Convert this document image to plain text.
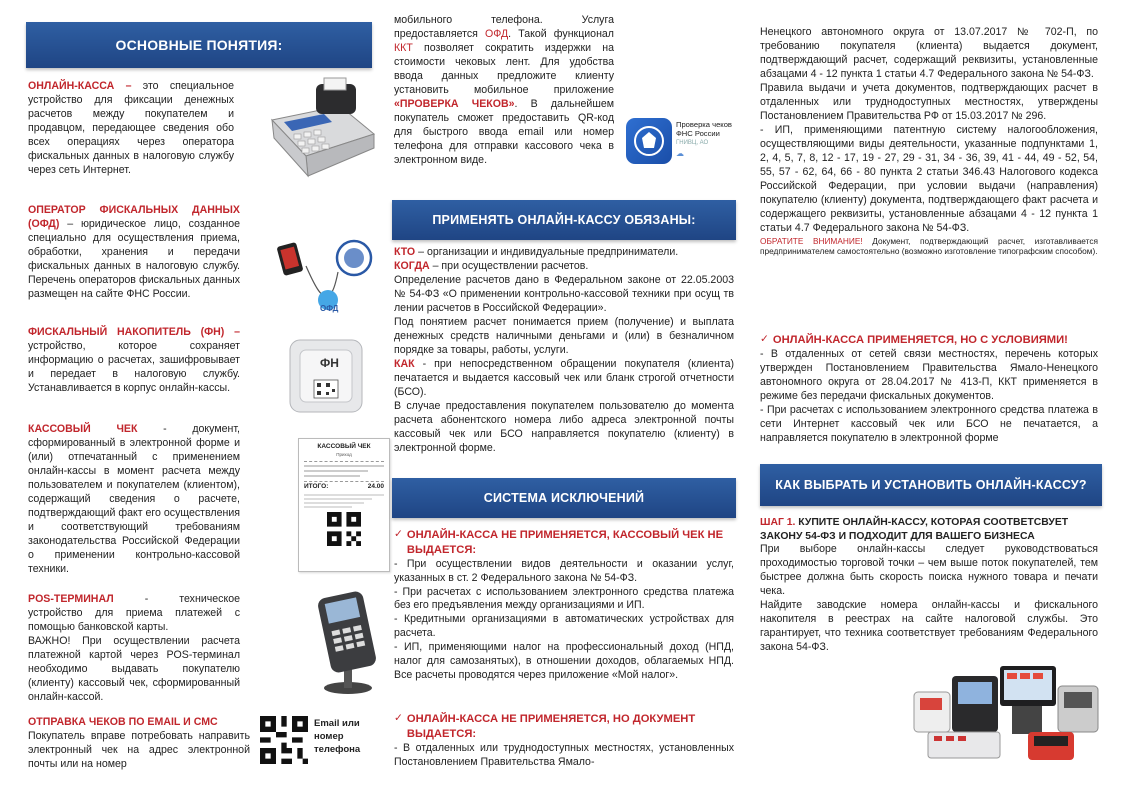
ОСНОВНЫЕ ПОНЯТИЯ:
ОНЛАЙН-КАССА – это специальное устройство для фиксации денежных расчетов между покупателем и продавцом, передающее сведения обо всех операциях через оператора фискальных данных в налоговую службу через сеть Интернет.
ОПЕРАТОР ФИСКАЛЬНЫХ ДАННЫХ (ОФД) – юридическое лицо, созданное специально для осуществления приема, обработки, хранения и передачи фискальных данных в налоговую службу. Перечень операторов фискальных данных размещен на сайте ФНС России.
ОФД
ФИСКАЛЬНЫЙ НАКОПИТЕЛЬ (ФН) – устройство, которое сохраняет информацию о расчетах, зашифровывает и передает в налоговую службу. Устанавливается в корпус онлайн-кассы.
ФН
КАССОВЫЙ ЧЕК - документ, сформированный в электронной форме и (или) отпечатанный с применением онлайн-кассы в момент расчета между пользователем и покупателем (клиентом), содержащий сведения о расчете, подтверждающий факт его осуществления и соответствующий требованиям законодательства Российской Федерации о применении контрольно-кассовой техники.
КАССОВЫЙ ЧЕК
Приход
ИТОГО:	24.00
POS-ТЕРМИНАЛ - техническое устройство для приема платежей с помощью банковской карты.
ВАЖНО! При осуществлении расчета платежной картой через POS-терминал необходимо выдавать покупателю (клиенту) кассовый чек, сформированный онлайн-кассой.
ОТПРАВКА ЧЕКОВ ПО EMAIL И СМС
Покупатель вправе потребовать направить электронный чек на адрес электронной почты или на номер
Email или номер телефона
мобильного телефона. Услуга предоставляется ОФД. Такой функционал ККТ позволяет сократить издержки на стоимости чековых лент. Для удобства ввода данных предложите клиенту установить мобильное приложение «ПРОВЕРКА ЧЕКОВ». В дальнейшем покупатель сможет предоставить QR-код для быстрого ввода email или номер телефона для отправки кассового чека в электронном виде.
Проверка чеков ФНС России
ГНИВЦ, АО
☁
ПРИМЕНЯТЬ ОНЛАЙН-КАССУ ОБЯЗАНЫ:
КТО – организации и индивидуальные предприниматели.
КОГДА – при осуществлении расчетов.
Определение расчетов дано в Федеральном законе от 22.05.2003 № 54-ФЗ «О применении контрольно-кассовой техники при осущ тв лении расчетов в Российской Федерации».
Под понятием расчет понимается прием (получение) и выплата денежных средств наличными деньгами и (или) в безналичном порядке за товары, работы, услуги.
КАК - при непосредственном обращении покупателя (клиента) печатается и выдается кассовый чек или бланк строгой отчетности (БСО).
В случае предоставления покупателем пользователю до момента расчета абонентского номера либо адреса электронной почты кассовый чек или БСО направляется покупателю (клиенту) в электронной форме.
СИСТЕМА ИСКЛЮЧЕНИЙ
✓ ОНЛАЙН-КАССА НЕ ПРИМЕНЯЕТСЯ, КАССОВЫЙ ЧЕК НЕ ВЫДАЕТСЯ:
- При осуществлении видов деятельности и оказании услуг, указанных в ст. 2 Федерального закона № 54-ФЗ.
- При расчетах с использованием электронного средства платежа без его предъявления между организациями и ИП.
- Кредитными организациями в автоматических устройствах для расчета.
- ИП, применяющими налог на профессиональный доход (НПД, налог для самозанятых), в отношении доходов, облагаемых НПД. Все расчеты проводятся через приложение «Мой налог».
✓ ОНЛАЙН-КАССА НЕ ПРИМЕНЯЕТСЯ, НО ДОКУМЕНТ ВЫДАЕТСЯ:
- В отдаленных или труднодоступных местностях, установленных Постановлением Правительства Ямало-
Ненецкого автономного округа от 13.07.2017 № 702-П, по требованию покупателя (клиента) выдается документ, подтверждающий расчет, содержащий реквизиты, установленные абзацами 4 - 12 пункта 1 статьи 4.7 Федерального закона № 54-ФЗ.
Правила выдачи и учета документов, подтверждающих расчет в отдаленных или труднодоступных местностях, утверждены Постановлением Правительства РФ от 15.03.2017 № 296.
- ИП, применяющими патентную систему налогообложения, осуществляющими виды деятельности, указанные подпунктами 1, 2, 4, 5, 7, 8, 12 - 17, 19 - 27, 29 - 31, 34 - 36, 39, 41 - 44, 49 - 52, 54, 55, 57 - 62, 64, 66 - 80 пункта 2 статьи 346.43 Налогового кодекса Российской Федерации, при условии выдачи (направления) покупателю (клиенту) документа, подтверждающего факт расчета и содержащего реквизиты, установленные абзацами 4 - 12 пункта 1 статьи 4.7 Федерального закона № 54-ФЗ.
ОБРАТИТЕ ВНИМАНИЕ! Документ, подтверждающий расчет, изготавливается предпринимателем самостоятельно (возможно изготовление типографским способом).
✓ ОНЛАЙН-КАССА ПРИМЕНЯЕТСЯ, НО С УСЛОВИЯМИ!
- В отдаленных от сетей связи местностях, перечень которых утвержден Постановлением Правительства Ямало-Ненецкого автономного округа от 28.04.2017 № 413-П, ККТ применяется в режиме без передачи фискальных документов.
- При расчетах с использованием электронного средства платежа в сети Интернет кассовый чек или БСО не печатается, а направляется покупателю в электронной форме
КАК ВЫБРАТЬ И УСТАНОВИТЬ ОНЛАЙН-КАССУ?
ШАГ 1. КУПИТЕ ОНЛАЙН-КАССУ, КОТОРАЯ СООТВЕТСВУЕТ ЗАКОНУ 54-ФЗ И ПОДХОДИТ ДЛЯ ВАШЕГО БИЗНЕСА
При выборе онлайн-кассы следует руководствоваться проходимостью торговой точки – чем выше поток покупателей, тем быстрее должна быть скорость поиска нужного товара и печати чека.
Найдите заводские номера онлайн-кассы и фискального накопителя в реестрах на сайте налоговой службы. Это гарантирует, что техника соответствует требованиям Федерального закона 54-ФЗ.
